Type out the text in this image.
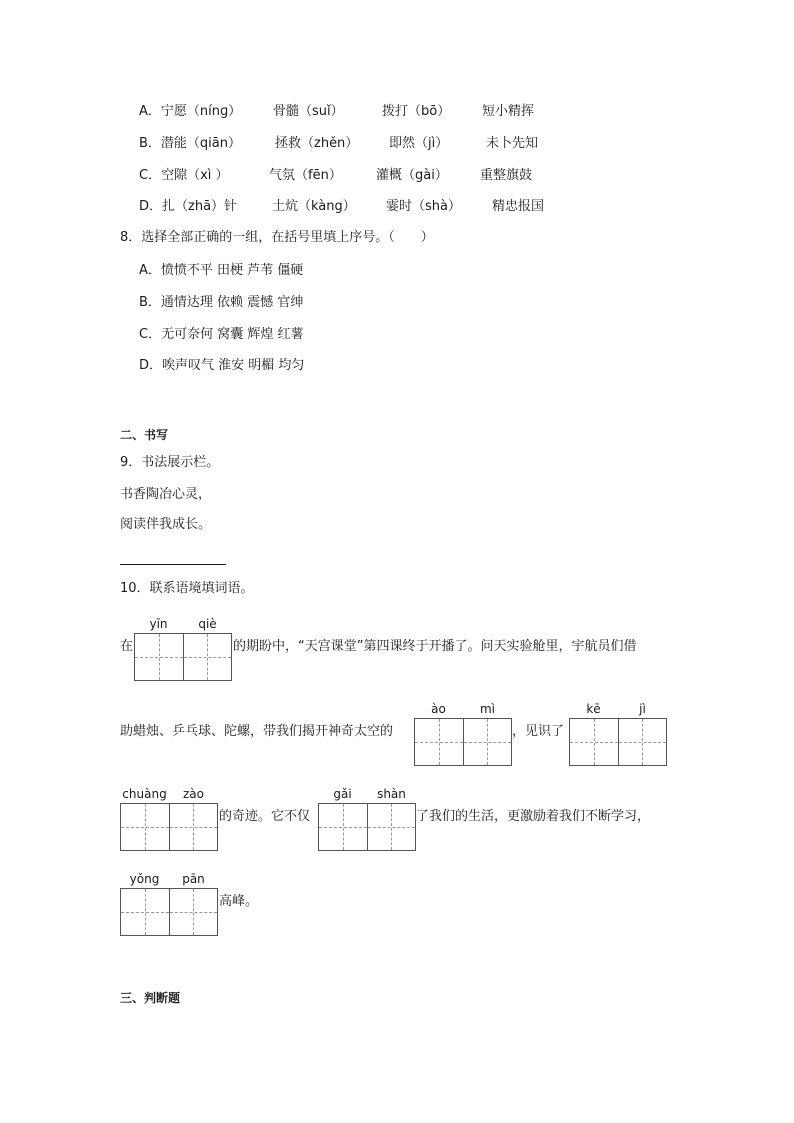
A．宁愿（nínɡ） 骨髓（suǐ）	拨打（bō） 短小精挥
B．潜能（qiān）	拯救（zhěn） 即然（jì）	未卜先知
C．空隙（xì ）	气氛（fēn）	灌概（gài） 重整旗鼓
D．扎（zhā）针	土炕（kàng） 霎时（shà） 精忠报国
8．选择全部正确的一组，在括号里填上序号。（　　）
A．愤愤不平 田梗 芦苇 僵硬
B．通情达理 依赖 震憾 官绅
C．无可奈何 窝囊 辉煌 红薯
D．唉声叹气 淮安 明楣 均匀
二、书写
9．书法展示栏。
书香陶冶心灵，
阅读伴我成长。
10．联系语境填词语。
在
yīn	qiè
的期盼中，“天宫课堂”第四课终于开播了。问天实验舱里，宇航员们借
助蜡烛、乒乓球、陀螺，带我们揭开神奇太空的
ào	mì
，见识了
kē	jì
chuàng	zào
的奇迹。它不仅
gǎi	shàn
了我们的生活，更激励着我们不断学习，
yǒng	pān
高峰。
三、判断题
